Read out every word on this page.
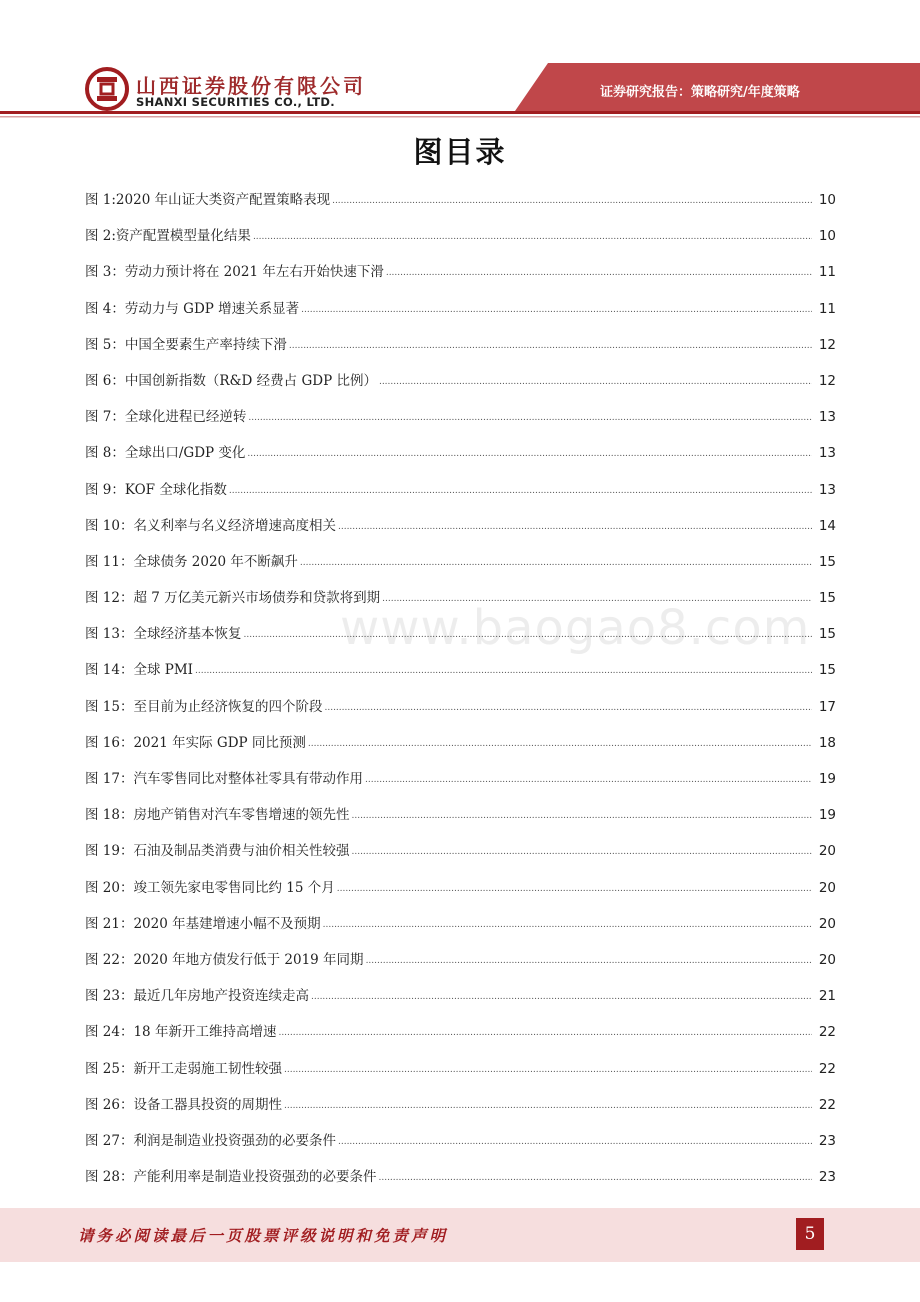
山西证券股份有限公司
SHANXI SECURITIES CO., LTD.
证券研究报告：策略研究/年度策略
图目录
www.baogao8.com
图 1:2020 年山证大类资产配置策略表现 .....	10
图 2:资产配置模型量化结果 .....	10
图 3：劳动力预计将在 2021 年左右开始快速下滑 .....	11
图 4：劳动力与 GDP 增速关系显著 .....	11
图 5：中国全要素生产率持续下滑 .....	12
图 6：中国创新指数（R&D 经费占 GDP 比例） .....	12
图 7：全球化进程已经逆转 .....	13
图 8：全球出口/GDP 变化 .....	13
图 9：KOF 全球化指数 .....	13
图 10：名义利率与名义经济增速高度相关 .....	14
图 11：全球债务 2020 年不断飙升 .....	15
图 12：超 7 万亿美元新兴市场债券和贷款将到期 .....	15
图 13：全球经济基本恢复 .....	15
图 14：全球 PMI .....	15
图 15：至目前为止经济恢复的四个阶段 .....	17
图 16：2021 年实际 GDP 同比预测 .....	18
图 17：汽车零售同比对整体社零具有带动作用 .....	19
图 18：房地产销售对汽车零售增速的领先性 .....	19
图 19：石油及制品类消费与油价相关性较强 .....	20
图 20：竣工领先家电零售同比约 15 个月 .....	20
图 21：2020 年基建增速小幅不及预期 .....	20
图 22：2020 年地方债发行低于 2019 年同期 .....	20
图 23：最近几年房地产投资连续走高 .....	21
图 24：18 年新开工维持高增速 .....	22
图 25：新开工走弱施工韧性较强 .....	22
图 26：设备工器具投资的周期性 .....	22
图 27：利润是制造业投资强劲的必要条件 .....	23
图 28：产能利用率是制造业投资强劲的必要条件 .....	23
请务必阅读最后一页股票评级说明和免责声明	5
